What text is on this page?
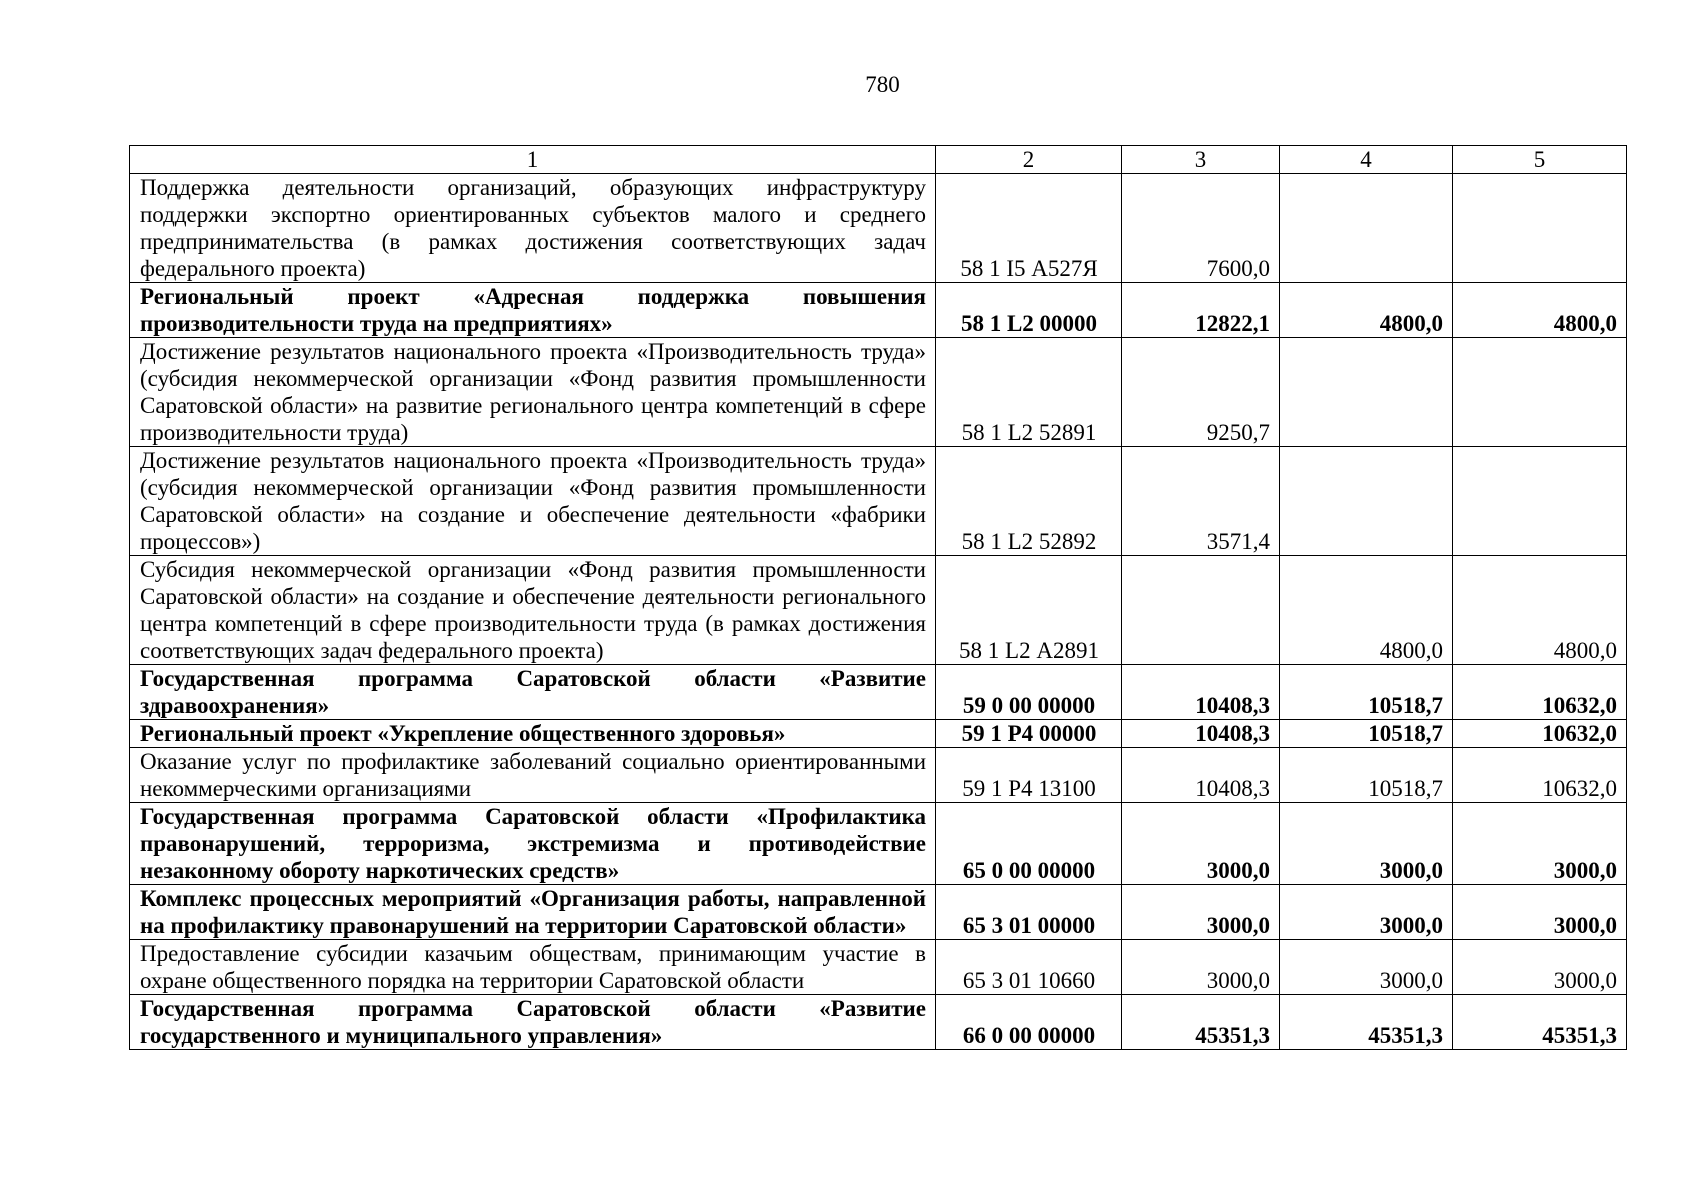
780
1	2	3	4	5
Поддержка деятельности организаций, образующих инфраструктуру поддержки экспортно ориентированных субъектов малого и среднего предпринимательства (в рамках достижения соответствующих задач федерального проекта)	58 1 I5 А527Я	7600,0		
Региональный проект «Адресная поддержка повышения производительности труда на предприятиях»	58 1 L2 00000	12822,1	4800,0	4800,0
Достижение результатов национального проекта «Производительность труда» (субсидия некоммерческой организации «Фонд развития промышленности Саратовской области» на развитие регионального центра компетенций в сфере производительности труда)	58 1 L2 52891	9250,7		
Достижение результатов национального проекта «Производительность труда» (субсидия некоммерческой организации «Фонд развития промышленности Саратовской области» на создание и обеспечение деятельности «фабрики процессов»)	58 1 L2 52892	3571,4		
Субсидия некоммерческой организации «Фонд развития промышленности Саратовской области» на создание и обеспечение деятельности регионального центра компетенций в сфере производительности труда (в рамках достижения соответствующих задач федерального проекта)	58 1 L2 А2891		4800,0	4800,0
Государственная программа Саратовской области «Развитие здравоохранения»	59 0 00 00000	10408,3	10518,7	10632,0
Региональный проект «Укрепление общественного здоровья»	59 1 P4 00000	10408,3	10518,7	10632,0
Оказание услуг по профилактике заболеваний социально ориентированными некоммерческими организациями	59 1 P4 13100	10408,3	10518,7	10632,0
Государственная программа Саратовской области «Профилактика правонарушений, терроризма, экстремизма и противодействие незаконному обороту наркотических средств»	65 0 00 00000	3000,0	3000,0	3000,0
Комплекс процессных мероприятий «Организация работы, направленной на профилактику правонарушений на территории Саратовской области»	65 3 01 00000	3000,0	3000,0	3000,0
Предоставление субсидии казачьим обществам, принимающим участие в охране общественного порядка на территории Саратовской области	65 3 01 10660	3000,0	3000,0	3000,0
Государственная программа Саратовской области «Развитие государственного и муниципального управления»	66 0 00 00000	45351,3	45351,3	45351,3
